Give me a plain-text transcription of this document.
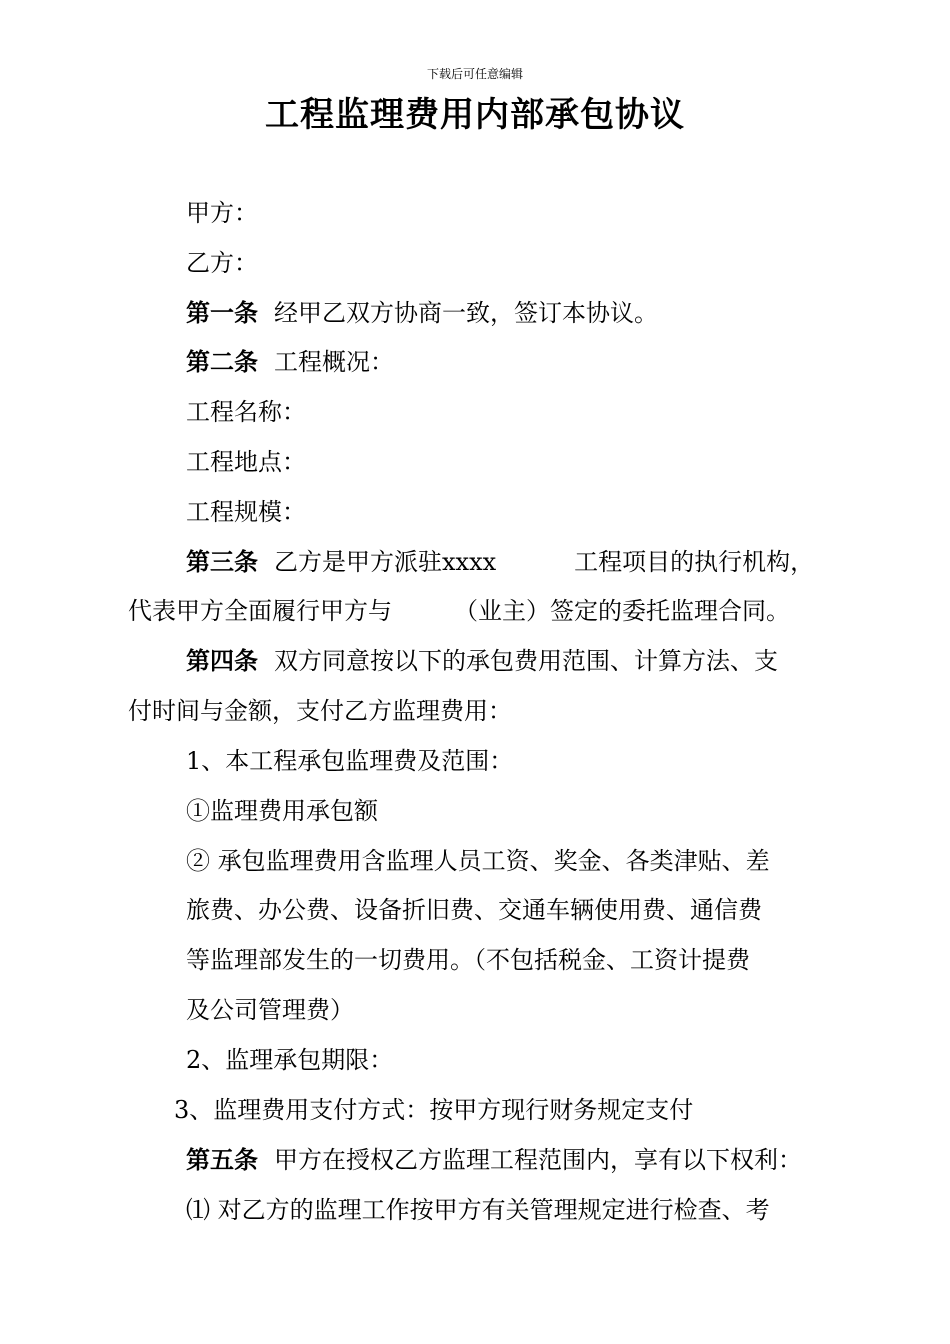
下载后可任意编辑
工程监理费用内部承包协议
甲方：
乙方：
第一条 经甲乙双方协商一致，签订本协议。
第二条 工程概况：
工程名称：
工程地点：
工程规模：
第三条 乙方是甲方派驻xxxx	工程项目的执行机构，
代表甲方全面履行甲方与	（业主）签定的委托监理合同。
第四条 双方同意按以下的承包费用范围、计算方法、支
付时间与金额，支付乙方监理费用：
1、本工程承包监理费及范围：
①监理费用承包额
② 承包监理费用含监理人员工资、奖金、各类津贴、差
旅费、办公费、设备折旧费、交通车辆使用费、通信费
等监理部发生的一切费用。（不包括税金、工资计提费
及公司管理费）
2、监理承包期限：
3、监理费用支付方式：按甲方现行财务规定支付
第五条 甲方在授权乙方监理工程范围内，享有以下权利：
⑴ 对乙方的监理工作按甲方有关管理规定进行检查、考
